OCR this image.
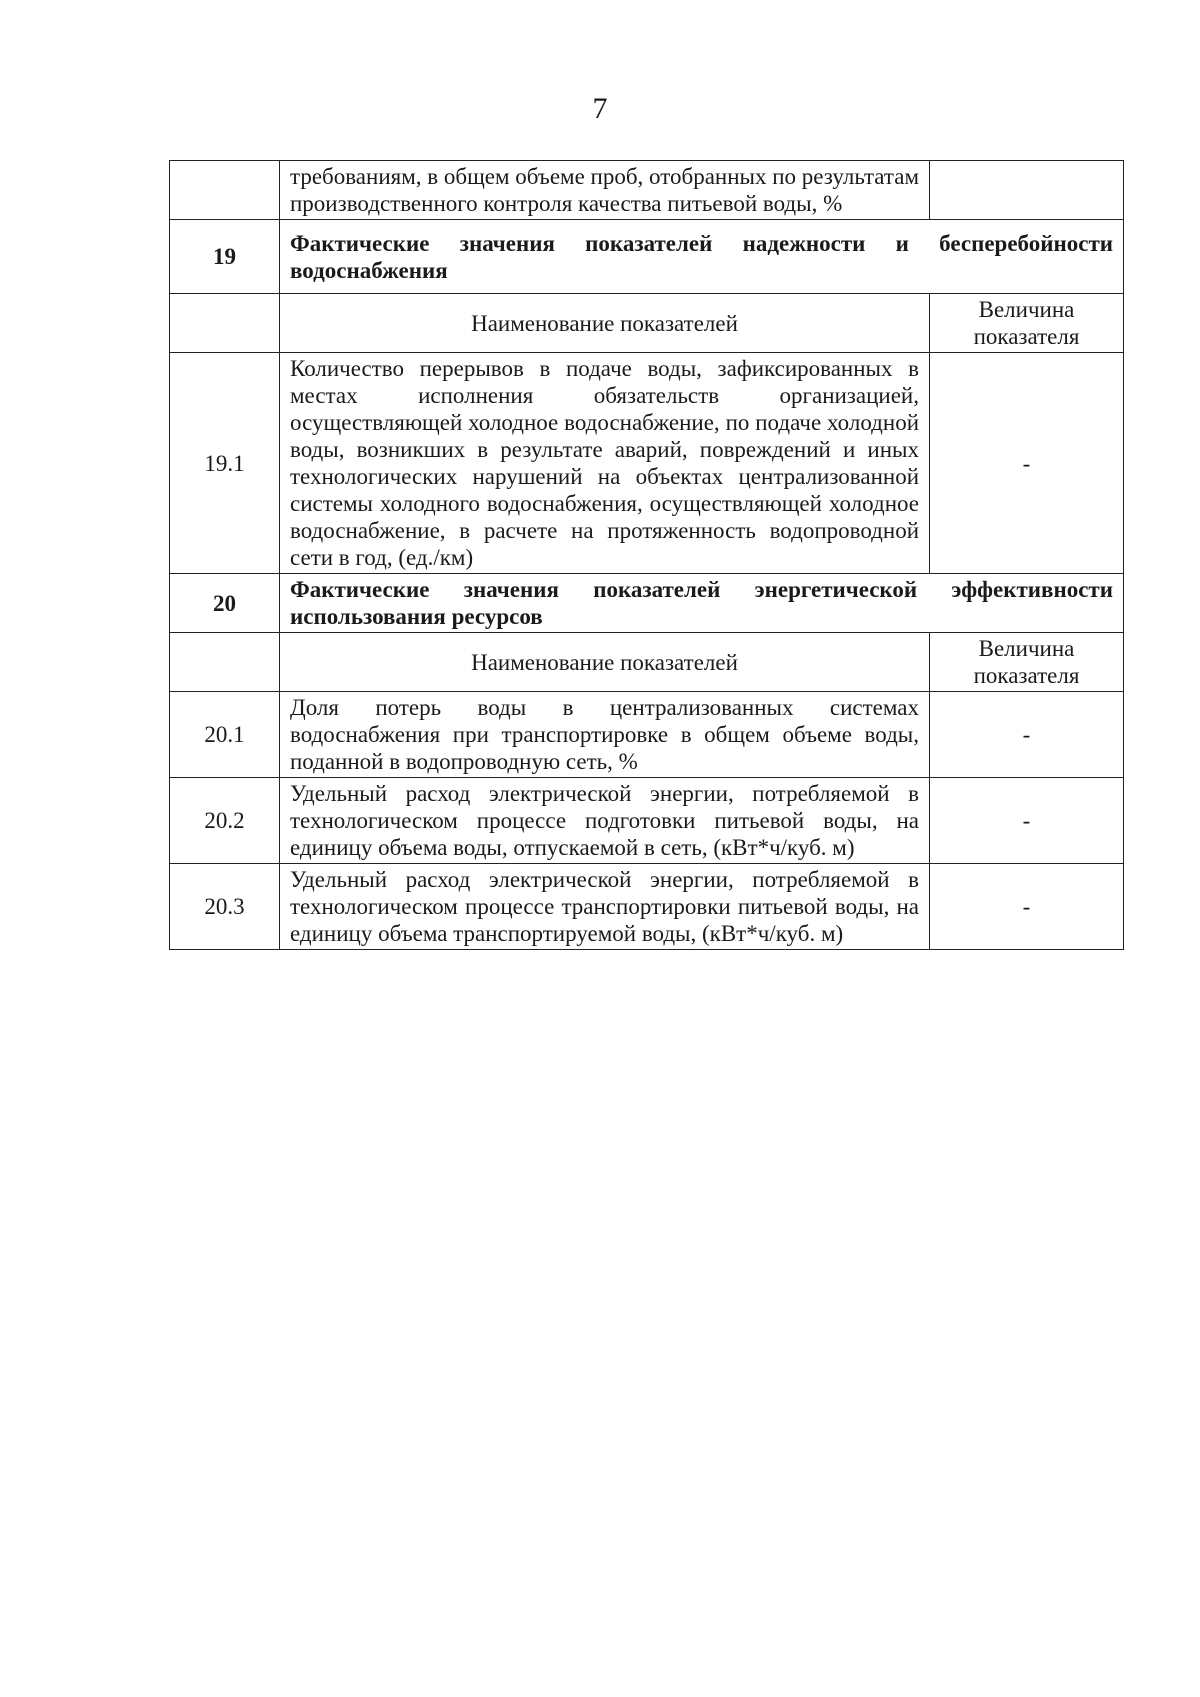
7
	требованиям, в общем объеме проб, отобранных по результатам производственного контроля качества питьевой воды, %	
19	Фактические значения показателей надежности и бесперебойности водоснабжения	
	Наименование показателей	Величина показателя
19.1	Количество перерывов в подаче воды, зафиксированных в местах исполнения обязательств организацией, осуществляющей холодное водоснабжение, по подаче холодной воды, возникших в результате аварий, повреждений и иных технологических нарушений на объектах централизованной системы холодного водоснабжения, осуществляющей холодное водоснабжение, в расчете на протяженность водопроводной сети в год, (ед./км)	-
20	Фактические значения показателей энергетической эффективности использования ресурсов	
	Наименование показателей	Величина показателя
20.1	Доля потерь воды в централизованных системах водоснабжения при транспортировке в общем объеме воды, поданной в водопроводную сеть, %	-
20.2	Удельный расход электрической энергии, потребляемой в технологическом процессе подготовки питьевой воды, на единицу объема воды, отпускаемой в сеть, (кВт*ч/куб. м)	-
20.3	Удельный расход электрической энергии, потребляемой в технологическом процессе транспортировки питьевой воды, на единицу объема транспортируемой воды, (кВт*ч/куб. м)	-
